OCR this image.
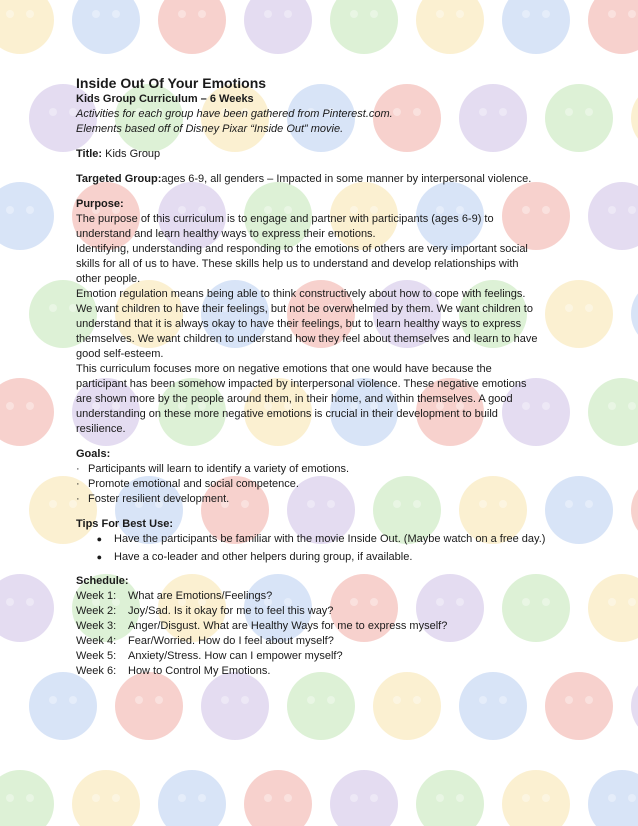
Inside Out Of Your Emotions

Kids Group Curriculum – 6 Weeks

Activities for each group have been gathered from Pinterest.com.

Elements based off of Disney Pixar “Inside Out” movie.

Title: Kids Group

Targeted Group:ages 6-9, all genders – Impacted in some manner by interpersonal violence.

Purpose:

The purpose of this curriculum is to engage and partner with participants (ages 6-9) to

understand and learn healthy ways to express their emotions.

Identifying, understanding and responding to the emotions of others are very important social

skills for all of us to have. These skills help us to understand and develop relationships with

other people.

Emotion regulation means being able to think constructively about how to cope with feelings.

We want children to have their feelings, but not be overwhelmed by them. We want children to

understand that it is always okay to have their feelings, but to learn healthy ways to express

themselves. We want children to understand how they feel about themselves and learn to have

good self-esteem.

This curriculum focuses more on negative emotions that one would have because the

participant has been somehow impacted by interpersonal violence. These negative emotions

are shown more by the people around them, in their home, and within themselves. A good

understanding on these more negative emotions is crucial in their development to build

resilience.

Goals:

· Participants will learn to identify a variety of emotions.

· Promote emotional and social competence.

· Foster resilient development.

Tips For Best Use:

●	Have the participants be familiar with the movie Inside Out. (Maybe watch on a free day.)
●	Have a co-leader and other helpers during group, if available.

Schedule:

Week 1:	What are Emotions/Feelings?

Week 2:	Joy/Sad. Is it okay for me to feel this way?

Week 3:	Anger/Disgust. What are Healthy Ways for me to express myself?

Week 4:	Fear/Worried. How do I feel about myself?

Week 5:	Anxiety/Stress. How can I empower myself?

Week 6:	How to Control My Emotions.
